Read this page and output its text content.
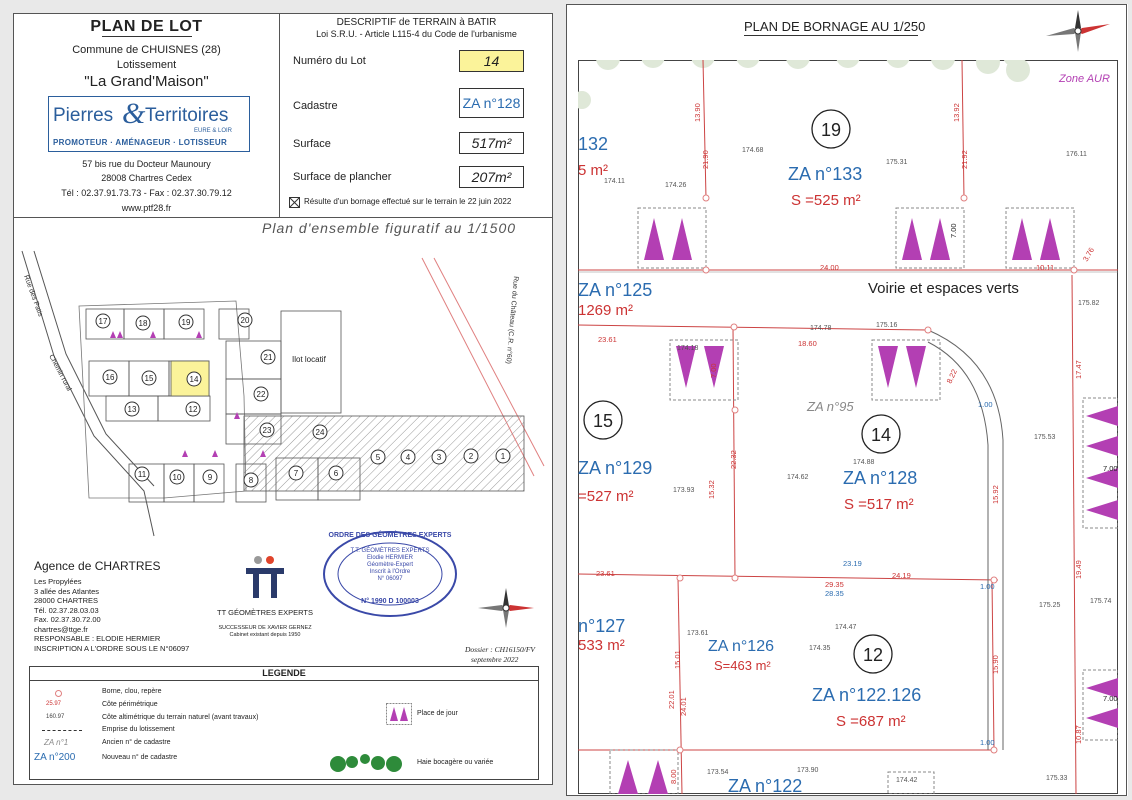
PLAN DE LOT
Commune de CHUISNES (28)
Lotissement
"La Grand'Maison"
Pierres & Territoires
EURE & LOIR
PROMOTEUR · AMÉNAGEUR · LOTISSEUR
57 bis rue du Docteur Maunoury
28008 Chartres Cedex
Tél : 02.37.91.73.73 - Fax : 02.37.30.79.12
www.ptf28.fr
DESCRIPTIF de TERRAIN à BATIR
Loi S.R.U. - Article L115-4 du Code de l'urbanisme
Numéro du Lot	14
Cadastre	ZA n°128
Surface	517m²
Surface de plancher	207m²
Résulte d'un bornage effectué sur le terrain le 22 juin 2022
Plan d'ensemble figuratif au 1/1500
17	18	19	20
16	15	14
21
22
13	12
23	24
11	10	9	8
7	6
5	4	3	2	1
Ilot locatif
Rue des Patis
Chemin rural
Rue du Château (C.R. n°60)
Agence de CHARTRES
Les Propylées
3 allée des Atlantes
28000 CHARTRES
Tél. 02.37.28.03.03
Fax. 02.37.30.72.00
chartres@ttge.fr
RESPONSABLE : ELODIE HERMIER
INSCRIPTION A L'ORDRE SOUS LE N°06097
TT GÉOMÈTRES EXPERTS
SUCCESSEUR DE XAVIER GERNEZ
Cabinet existant depuis 1950
ORDRE DES GÉOMÈTRES EXPERTS
T.T. GÉOMÈTRES EXPERTS
Elodie HERMIER
Géomètre-Expert
Inscrit à l'Ordre
N° 06097
N° 1990 D 100003
Dossier : CH16150/FV
septembre 2022
LEGENDE
Borne, clou, repère
25.97	Côte périmétrique
160.97	Côte altimétrique du terrain naturel (avant travaux)
Emprise du lotissement
ZA n°1	Ancien n° de cadastre
ZA n°200	Nouveau n° de cadastre
Place de jour
Haie bocagère ou variée
PLAN DE BORNAGE AU 1/250
19
14
15
12
ZA n°133
ZA n°128
ZA n°129
ZA n°122.126
132
ZA n°125
ZA n°126
n°127
ZA n°122
S =525 m²
S =517 m²
=527 m²
S =687 m²
5 m²
1269 m²
S=463 m²
533 m²
Voirie et espaces verts
ZA n°95
Zone AUR
13.90
21.90
13.92
21.92
24.00	10.11
3.76
18.60
23.61
7.00	8.22
22.32
15.32	15.92
17.47
23.19
29.35
28.35
24.19
23.61
15.01
22.01 24.01
15.90
19.49
10.87
7.00
1.00
1.00
1.00
7.00
7.00
8.00
174.68
175.31
176.11
174.11
174.26
175.82
174.78	175.16
174.18
175.53
174.62
174.88
173.93
173.61
174.47
174.35
175.25
175.74
173.54	173.90
174.42	175.33
